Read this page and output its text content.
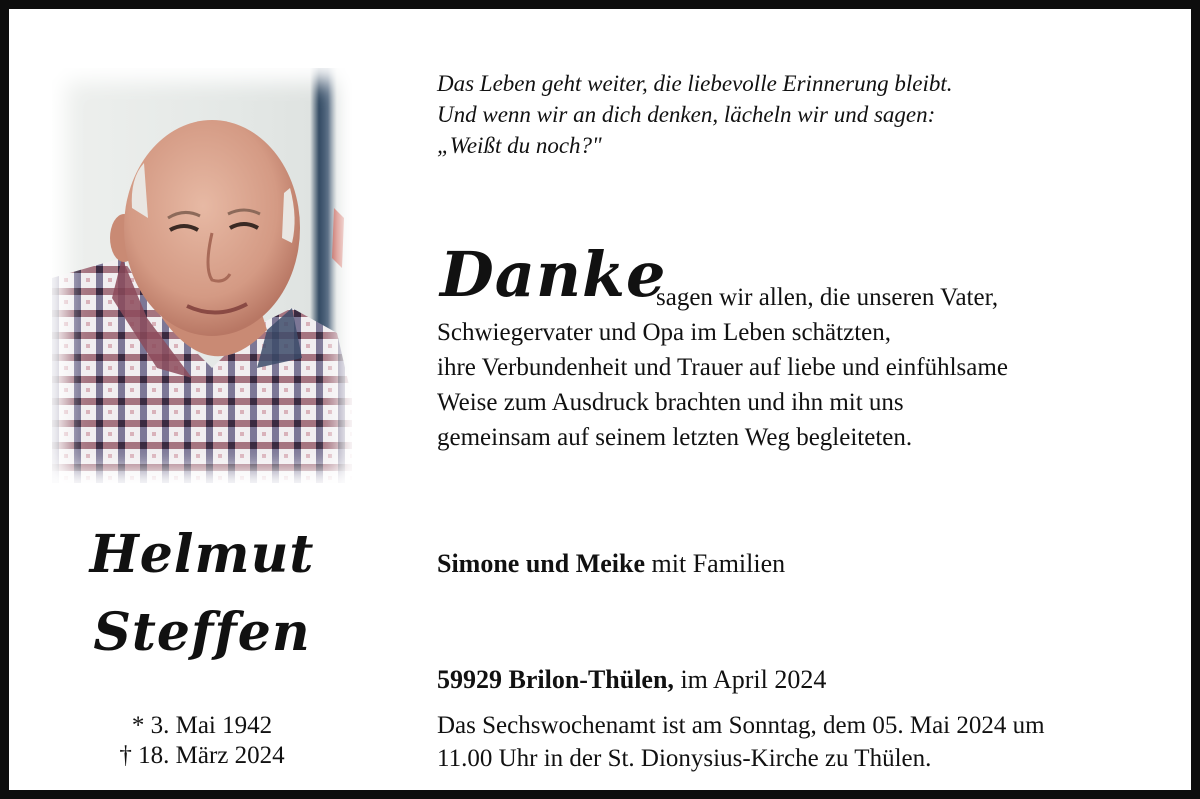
Helmut
Steffen
* 3. Mai 1942
† 18. März 2024
Das Leben geht weiter, die liebevolle Erinnerung bleibt.
Und wenn wir an dich denken, lächeln wir und sagen:
„Weißt du noch?"
Danke
sagen wir allen, die unseren Vater,
Schwiegervater und Opa im Leben schätzten,
ihre Verbundenheit und Trauer auf liebe und einfühlsame
Weise zum Ausdruck brachten und ihn mit uns
gemeinsam auf seinem letzten Weg begleiteten.
Simone und Meike mit Familien
59929 Brilon-Thülen, im April 2024
Das Sechswochenamt ist am Sonntag, dem 05. Mai 2024 um
11.00 Uhr in der St. Dionysius-Kirche zu Thülen.
